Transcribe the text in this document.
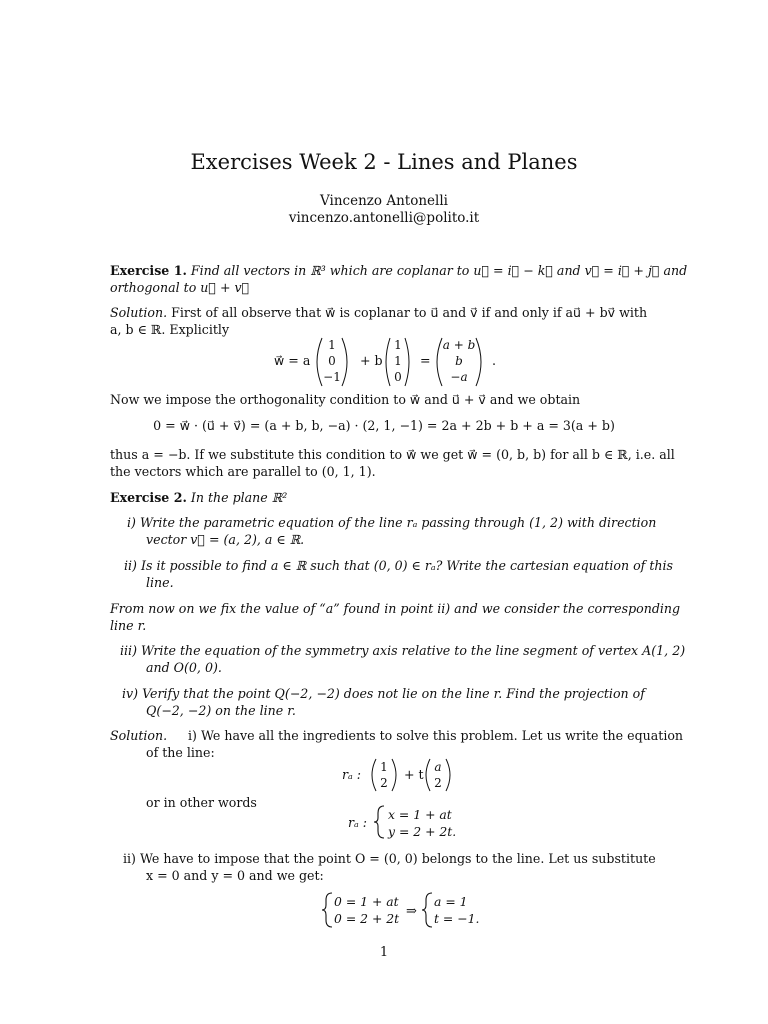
Exercises Week 2 - Lines and Planes
Vincenzo Antonelli
vincenzo.antonelli@polito.it
Exercise 1. Find all vectors in ℝ³ which are coplanar to u⃗ = i⃗ − k⃗ and v⃗ = i⃗ + j⃗ and
orthogonal to u⃗ + v⃗
Solution. First of all observe that w⃗ is coplanar to u⃗ and v⃗ if and only if au⃗ + bv⃗ with
a, b ∈ ℝ. Explicitly
w⃗ = a
1
0
−1
+ b
1
1
0
=
a + b
b
−a
.
Now we impose the orthogonality condition to w⃗ and u⃗ + v⃗ and we obtain
0 = w⃗ · (u⃗ + v⃗) = (a + b, b, −a) · (2, 1, −1) = 2a + 2b + b + a = 3(a + b)
thus a = −b. If we substitute this condition to w⃗ we get w⃗ = (0, b, b) for all b ∈ ℝ, i.e. all
the vectors which are parallel to (0, 1, 1).
Exercise 2. In the plane ℝ²
i) Write the parametric equation of the line rₐ passing through (1, 2) with direction
vector v⃗ = (a, 2), a ∈ ℝ.
ii) Is it possible to find a ∈ ℝ such that (0, 0) ∈ rₐ? Write the cartesian equation of this
line.
From now on we fix the value of “a” found in point ii) and we consider the corresponding
line r.
iii) Write the equation of the symmetry axis relative to the line segment of vertex A(1, 2)
and O(0, 0).
iv) Verify that the point Q(−2, −2) does not lie on the line r. Find the projection of
Q(−2, −2) on the line r.
Solution. i) We have all the ingredients to solve this problem. Let us write the equation
of the line:
rₐ : 1
2
+ t a
2
or in other words
rₐ :
x = 1 + at
y = 2 + 2t.
ii) We have to impose that the point O = (0, 0) belongs to the line. Let us substitute
x = 0 and y = 0 and we get:
0 = 1 + at
0 = 2 + 2t ⇒
a = 1
t = −1.
1
